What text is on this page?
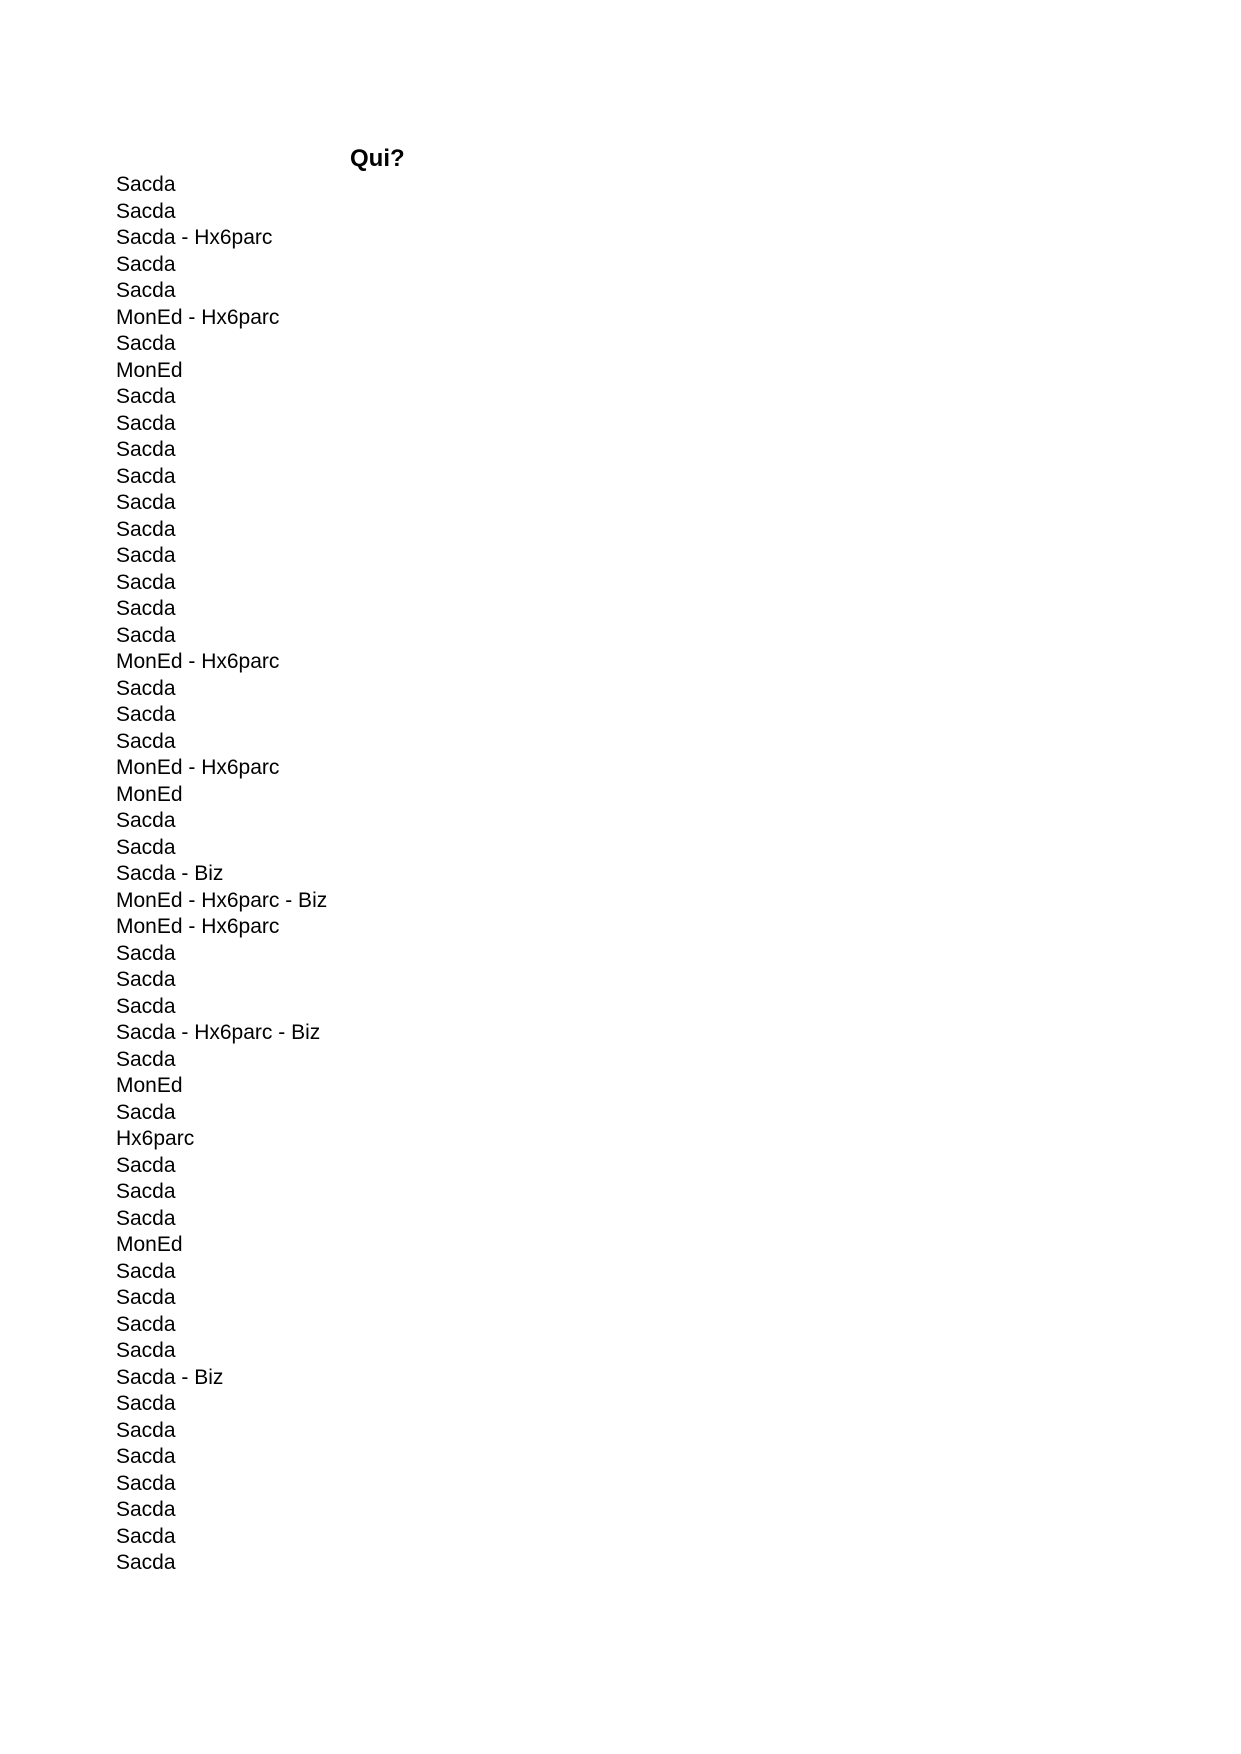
Qui?
Sacda
Sacda
Sacda - Hx6parc
Sacda
Sacda
MonEd - Hx6parc
Sacda
MonEd
Sacda
Sacda
Sacda
Sacda
Sacda
Sacda
Sacda
Sacda
Sacda
Sacda
MonEd - Hx6parc
Sacda
Sacda
Sacda
MonEd - Hx6parc
MonEd
Sacda
Sacda
Sacda - Biz
MonEd - Hx6parc - Biz
MonEd - Hx6parc
Sacda
Sacda
Sacda
Sacda - Hx6parc - Biz
Sacda
MonEd
Sacda
Hx6parc
Sacda
Sacda
Sacda
MonEd
Sacda
Sacda
Sacda
Sacda
Sacda - Biz
Sacda
Sacda
Sacda
Sacda
Sacda
Sacda
Sacda
